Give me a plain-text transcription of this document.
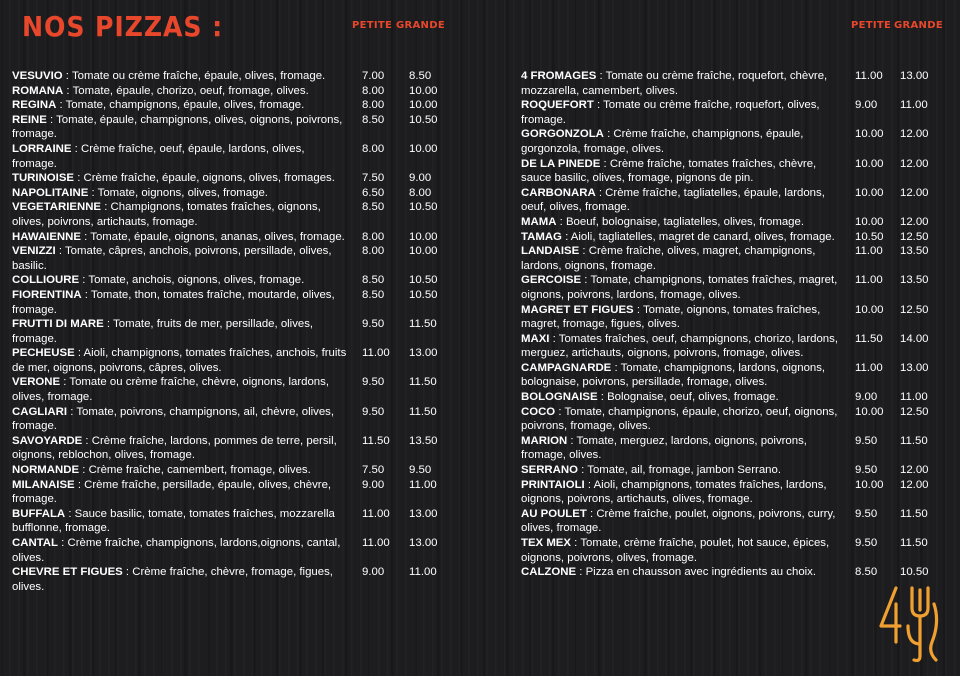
NOS PIZZAS :	PETITE GRANDE	PETITE GRANDE
VESUVIO : Tomate ou crème fraîche, épaule, olives, fromage.	7.00 8.50
ROMANA : Tomate, épaule, chorizo, oeuf, fromage, olives.	8.00 10.00
REGINA : Tomate, champignons, épaule, olives, fromage.	8.00 10.00
REINE : Tomate, épaule, champignons, olives, oignons, poivrons, fromage.
8.50 10.50
LORRAINE : Crème fraîche, oeuf, épaule, lardons, olives, fromage.
8.00 10.00
TURINOISE : Crème fraîche, épaule, oignons, olives, fromages.	7.50 9.00
NAPOLITAINE : Tomate, oignons, olives, fromage.	6.50 8.00
VEGETARIENNE : Champignons, tomates fraîches, oignons, olives, poivrons, artichauts, fromage.
8.50 10.50
HAWAIENNE : Tomate, épaule, oignons, ananas, olives, fromage. 8.00 10.00
VENIZZI : Tomate, câpres, anchois, poivrons, persillade, olives, basilic.
8.00 10.00
COLLIOURE : Tomate, anchois, oignons, olives, fromage.	8.50 10.50
FIORENTINA : Tomate, thon, tomates fraîche, moutarde, olives, fromage.
8.50 10.50
FRUTTI DI MARE : Tomate, fruits de mer, persillade, olives, fromage.
9.50 11.50
PECHEUSE : Aioli, champignons, tomates fraîches, anchois, fruits de mer, oignons, poivrons, câpres, olives.
11.00 13.00
VERONE : Tomate ou crème fraîche, chèvre, oignons, lardons, olives, fromage.
9.50 11.50
CAGLIARI : Tomate, poivrons, champignons, ail, chèvre, olives, fromage.
9.50 11.50
SAVOYARDE : Crème fraîche, lardons, pommes de terre, persil, oignons, reblochon, olives, fromage.
11.50 13.50
NORMANDE : Crème fraîche, camembert, fromage, olives.	7.50 9.50
MILANAISE : Crème fraîche, persillade, épaule, olives, chèvre, fromage.
9.00 11.00
BUFFALA : Sauce basilic, tomate, tomates fraîches, mozzarella bufflonne, fromage.
11.00 13.00
CANTAL : Crème fraîche, champignons, lardons,oignons, cantal, olives.
11.00 13.00
CHEVRE ET FIGUES : Crème fraîche, chèvre, fromage, figues, olives.
9.00 11.00
4 FROMAGES : Tomate ou crème fraîche, roquefort, chèvre, mozzarella, camembert, olives.
11.00 13.00
ROQUEFORT : Tomate ou crème fraîche, roquefort, olives, fromage.
9.00 11.00
GORGONZOLA : Crème fraîche, champignons, épaule, gorgonzola, fromage, olives.
10.00 12.00
DE LA PINEDE : Crème fraîche, tomates fraîches, chèvre, sauce basilic, olives, fromage, pignons de pin.
10.00 12.00
CARBONARA : Crème fraîche, tagliatelles, épaule, lardons, oeuf, olives, fromage.
10.00 12.00
MAMA : Boeuf, bolognaise, tagliatelles, olives, fromage.	10.00 12.00
TAMAG : Aioli, tagliatelles, magret de canard, olives, fromage.	10.50 12.50
LANDAISE : Crème fraîche, olives, magret, champignons, lardons, oignons, fromage.
11.00 13.50
GERCOISE : Tomate, champignons, tomates fraîches, magret, oignons, poivrons, lardons, fromage, olives.
11.00 13.50
MAGRET ET FIGUES : Tomate, oignons, tomates fraîches, magret, fromage, figues, olives.
10.00 12.50
MAXI : Tomates fraîches, oeuf, champignons, chorizo, lardons, merguez, artichauts, oignons, poivrons, fromage, olives.
11.50 14.00
CAMPAGNARDE : Tomate, champignons, lardons, oignons, bolognaise, poivrons, persillade, fromage, olives.
11.00 13.00
BOLOGNAISE : Bolognaise, oeuf, olives, fromage.	9.00 11.00
COCO : Tomate, champignons, épaule, chorizo, oeuf, oignons, poivrons, fromage, olives.
10.00 12.50
MARION : Tomate, merguez, lardons, oignons, poivrons, fromage, olives.
9.50 11.50
SERRANO : Tomate, ail, fromage, jambon Serrano.	9.50 12.00
PRINTAIOLI : Aioli, champignons, tomates fraîches, lardons, oignons, poivrons, artichauts, olives, fromage.
10.00 12.00
AU POULET : Crème fraîche, poulet, oignons, poivrons, curry, olives, fromage.
9.50 11.50
TEX MEX : Tomate, crème fraîche, poulet, hot sauce, épices, oignons, poivrons, olives, fromage.
9.50 11.50
CALZONE : Pizza en chausson avec ingrédients au choix.	8.50 10.50
